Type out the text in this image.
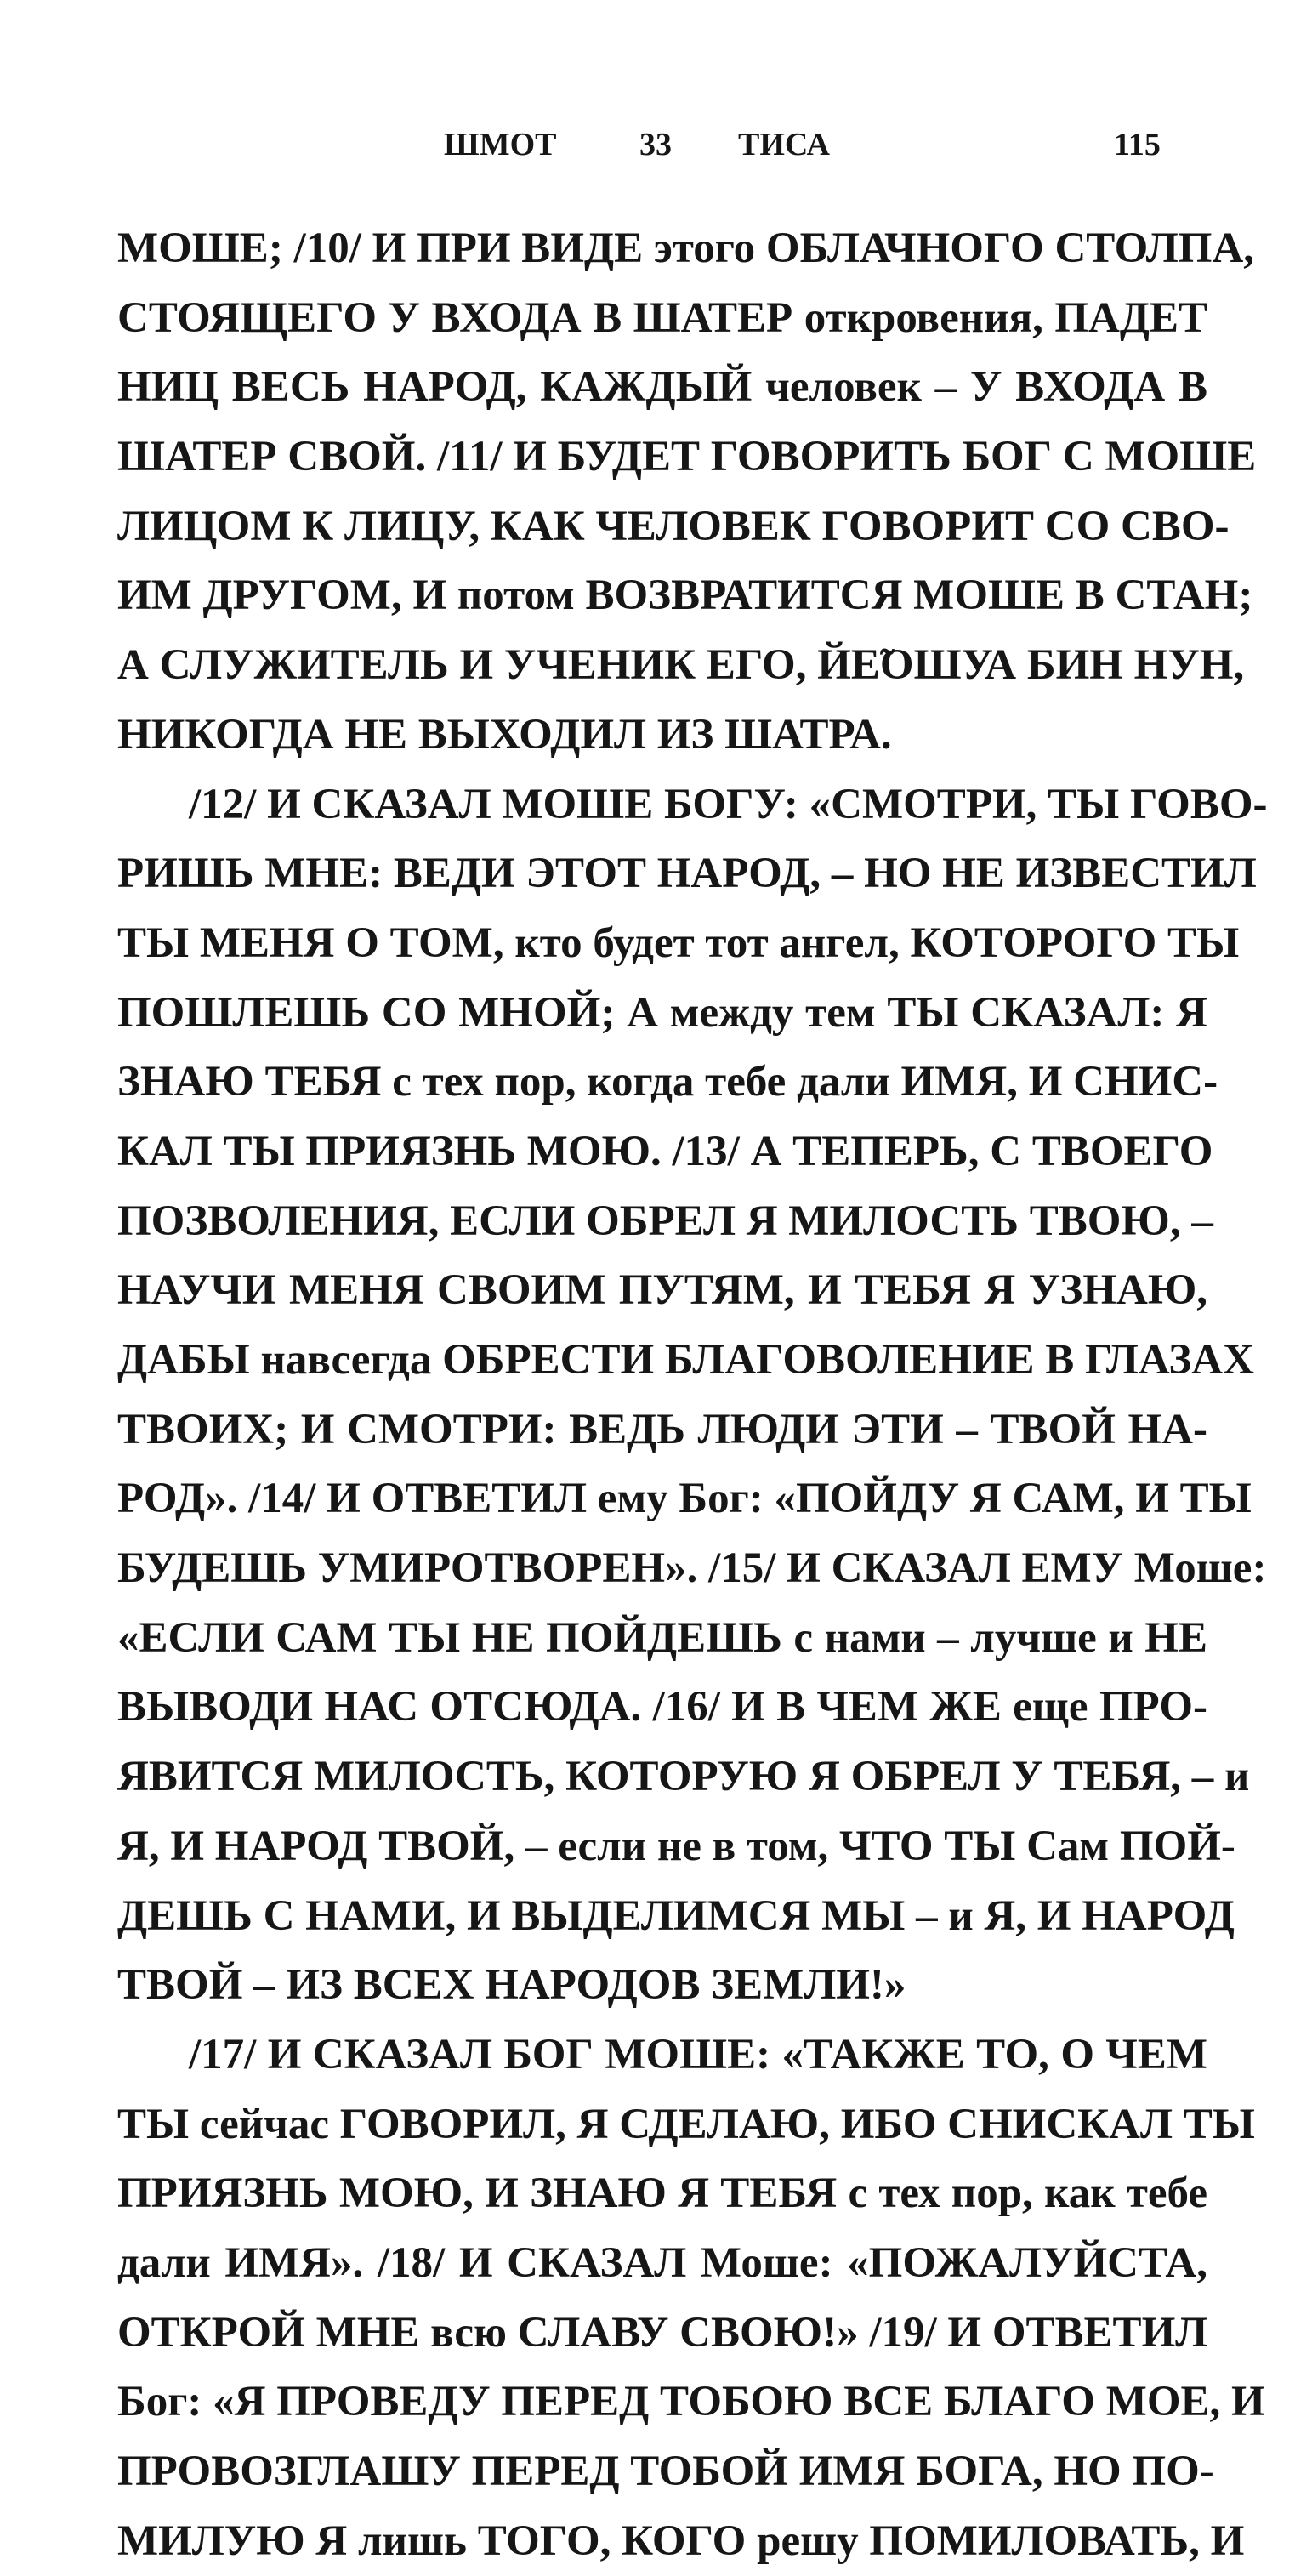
ШМОТ	33 ТИСА	115
МОШЕ; /10/ И ПРИ ВИДЕ этого ОБЛАЧНОГО СТОЛПА,
СТОЯЩЕГО У ВХОДА В ШАТЕР откровения, ПАДЕТ
НИЦ ВЕСЬ НАРОД, КАЖДЫЙ человек – У ВХОДА В
ШАТЕР СВОЙ. /11/ И БУДЕТ ГОВОРИТЬ БОГ С МОШЕ
ЛИЦОМ К ЛИЦУ, КАК ЧЕЛОВЕК ГОВОРИТ СО СВО-
ИМ ДРУГОМ, И потом ВОЗВРАТИТСЯ МОШЕ В СТАН;
А СЛУЖИТЕЛЬ И УЧЕНИК ЕГО, ЙЕ̃ОШУА БИН НУН,
НИКОГДА НЕ ВЫХОДИЛ ИЗ ШАТРА.
/12/ И СКАЗАЛ МОШЕ БОГУ: «СМОТРИ, ТЫ ГОВО-
РИШЬ МНЕ: ВЕДИ ЭТОТ НАРОД, – НО НЕ ИЗВЕСТИЛ
ТЫ МЕНЯ О ТОМ, кто будет тот ангел, КОТОРОГО ТЫ
ПОШЛЕШЬ СО МНОЙ; А между тем ТЫ СКАЗАЛ: Я
ЗНАЮ ТЕБЯ с тех пор, когда тебе дали ИМЯ, И СНИС-
КАЛ ТЫ ПРИЯЗНЬ МОЮ. /13/ А ТЕПЕРЬ, С ТВОЕГО
ПОЗВОЛЕНИЯ, ЕСЛИ ОБРЕЛ Я МИЛОСТЬ ТВОЮ, –
НАУЧИ МЕНЯ СВОИМ ПУТЯМ, И ТЕБЯ Я УЗНАЮ,
ДАБЫ навсегда ОБРЕСТИ БЛАГОВОЛЕНИЕ В ГЛАЗАХ
ТВОИХ; И СМОТРИ: ВЕДЬ ЛЮДИ ЭТИ – ТВОЙ НА-
РОД». /14/ И ОТВЕТИЛ ему Бог: «ПОЙДУ Я САМ, И ТЫ
БУДЕШЬ УМИРОТВОРЕН». /15/ И СКАЗАЛ ЕМУ Моше:
«ЕСЛИ САМ ТЫ НЕ ПОЙДЕШЬ с нами – лучше и НЕ
ВЫВОДИ НАС ОТСЮДА. /16/ И В ЧЕМ ЖЕ еще ПРО-
ЯВИТСЯ МИЛОСТЬ, КОТОРУЮ Я ОБРЕЛ У ТЕБЯ, – и
Я, И НАРОД ТВОЙ, – если не в том, ЧТО ТЫ Сам ПОЙ-
ДЕШЬ С НАМИ, И ВЫДЕЛИМСЯ МЫ – и Я, И НАРОД
ТВОЙ – ИЗ ВСЕХ НАРОДОВ ЗЕМЛИ!»
/17/ И СКАЗАЛ БОГ МОШЕ: «ТАКЖЕ ТО, О ЧЕМ
ТЫ сейчас ГОВОРИЛ, Я СДЕЛАЮ, ИБО СНИСКАЛ ТЫ
ПРИЯЗНЬ МОЮ, И ЗНАЮ Я ТЕБЯ с тех пор, как тебе
дали ИМЯ». /18/ И СКАЗАЛ Моше: «ПОЖАЛУЙСТА,
ОТКРОЙ МНЕ всю СЛАВУ СВОЮ!» /19/ И ОТВЕТИЛ
Бог: «Я ПРОВЕДУ ПЕРЕД ТОБОЮ ВСЕ БЛАГО МОЕ, И
ПРОВОЗГЛАШУ ПЕРЕД ТОБОЙ ИМЯ БОГА, НО ПО-
МИЛУЮ Я лишь ТОГО, КОГО решу ПОМИЛОВАТЬ, И
